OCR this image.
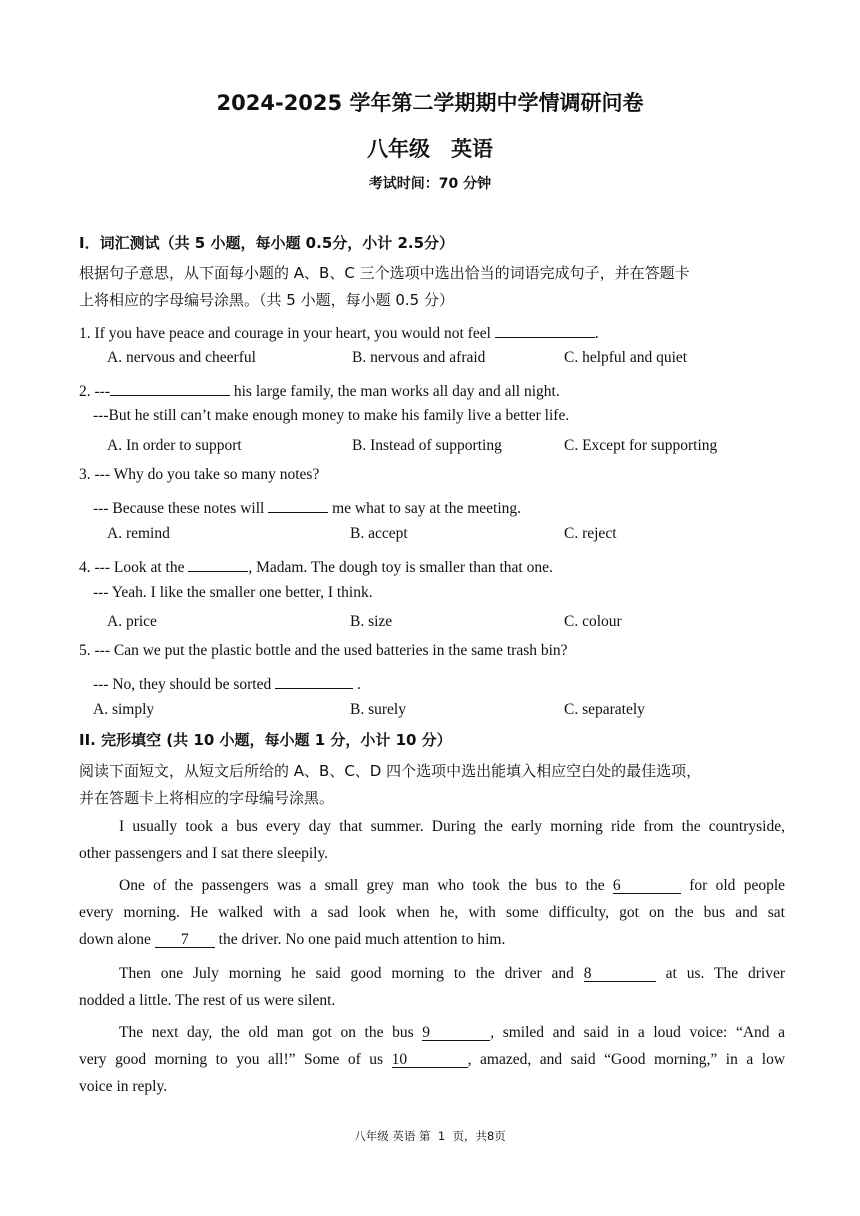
2024-2025 学年第二学期期中学情调研问卷
八年级　英语
考试时间：70 分钟
I．词汇测试（共 5 小题，每小题 0.5分，小计 2.5分）
根据句子意思，从下面每小题的 A、B、C 三个选项中选出恰当的词语完成句子，并在答题卡
上将相应的字母编号涂黑。（共 5 小题，每小题 0.5 分）
1. If you have peace and courage in your heart, you would not feel	.
A. nervous and cheerful	B. nervous and afraid	C. helpful and quiet
2. ---	his large family, the man works all day and all night.
---But he still can’t make enough money to make his family live a better life.
A. In order to support	B. Instead of supporting	C. Except for supporting
3. --- Why do you take so many notes?
--- Because these notes will	me what to say at the meeting.
A. remind	B. accept	C. reject
4. --- Look at the	, Madam. The dough toy is smaller than that one.
--- Yeah. I like the smaller one better, I think.
A. price	B. size	C. colour
5. --- Can we put the plastic bottle and the used batteries in the same trash bin?
--- No, they should be sorted	.
A. simply	B. surely	C. separately
II. 完形填空 (共 10 小题，每小题 1 分，小计 10 分）
阅读下面短文，从短文后所给的 A、B、C、D 四个选项中选出能填入相应空白处的最佳选项，
并在答题卡上将相应的字母编号涂黑。
I usually took a bus every day that summer. During the early morning ride from the countryside,
other passengers and I sat there sleepily.
One of the passengers was a small grey man who took the bus to the 6	for old people
every morning. He walked with a sad look when he, with some difficulty, got on the bus and sat
down alone 7 the driver. No one paid much attention to him.
Then one July morning he said good morning to the driver and 8	at us. The driver
nodded a little. The rest of us were silent.
The next day, the old man got on the bus 9	, smiled and said in a loud voice: “And a
very good morning to you all!” Some of us 10	, amazed, and said “Good morning,” in a low
voice in reply.
八年级 英语 第 1 页，共8页
